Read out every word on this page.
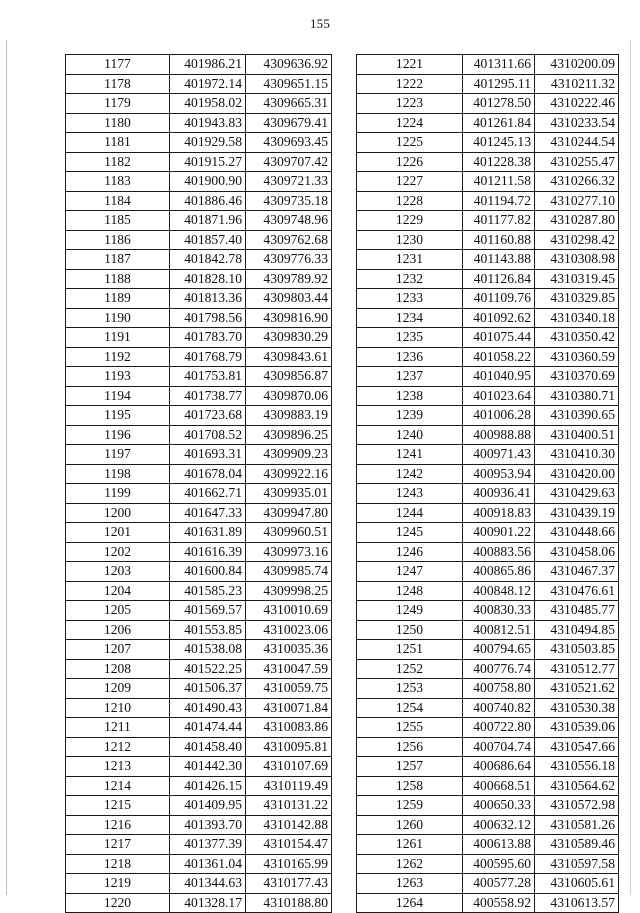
155
1177	401986.21	4309636.92
1178	401972.14	4309651.15
1179	401958.02	4309665.31
1180	401943.83	4309679.41
1181	401929.58	4309693.45
1182	401915.27	4309707.42
1183	401900.90	4309721.33
1184	401886.46	4309735.18
1185	401871.96	4309748.96
1186	401857.40	4309762.68
1187	401842.78	4309776.33
1188	401828.10	4309789.92
1189	401813.36	4309803.44
1190	401798.56	4309816.90
1191	401783.70	4309830.29
1192	401768.79	4309843.61
1193	401753.81	4309856.87
1194	401738.77	4309870.06
1195	401723.68	4309883.19
1196	401708.52	4309896.25
1197	401693.31	4309909.23
1198	401678.04	4309922.16
1199	401662.71	4309935.01
1200	401647.33	4309947.80
1201	401631.89	4309960.51
1202	401616.39	4309973.16
1203	401600.84	4309985.74
1204	401585.23	4309998.25
1205	401569.57	4310010.69
1206	401553.85	4310023.06
1207	401538.08	4310035.36
1208	401522.25	4310047.59
1209	401506.37	4310059.75
1210	401490.43	4310071.84
1211	401474.44	4310083.86
1212	401458.40	4310095.81
1213	401442.30	4310107.69
1214	401426.15	4310119.49
1215	401409.95	4310131.22
1216	401393.70	4310142.88
1217	401377.39	4310154.47
1218	401361.04	4310165.99
1219	401344.63	4310177.43
1220	401328.17	4310188.80
1221	401311.66	4310200.09
1222	401295.11	4310211.32
1223	401278.50	4310222.46
1224	401261.84	4310233.54
1225	401245.13	4310244.54
1226	401228.38	4310255.47
1227	401211.58	4310266.32
1228	401194.72	4310277.10
1229	401177.82	4310287.80
1230	401160.88	4310298.42
1231	401143.88	4310308.98
1232	401126.84	4310319.45
1233	401109.76	4310329.85
1234	401092.62	4310340.18
1235	401075.44	4310350.42
1236	401058.22	4310360.59
1237	401040.95	4310370.69
1238	401023.64	4310380.71
1239	401006.28	4310390.65
1240	400988.88	4310400.51
1241	400971.43	4310410.30
1242	400953.94	4310420.00
1243	400936.41	4310429.63
1244	400918.83	4310439.19
1245	400901.22	4310448.66
1246	400883.56	4310458.06
1247	400865.86	4310467.37
1248	400848.12	4310476.61
1249	400830.33	4310485.77
1250	400812.51	4310494.85
1251	400794.65	4310503.85
1252	400776.74	4310512.77
1253	400758.80	4310521.62
1254	400740.82	4310530.38
1255	400722.80	4310539.06
1256	400704.74	4310547.66
1257	400686.64	4310556.18
1258	400668.51	4310564.62
1259	400650.33	4310572.98
1260	400632.12	4310581.26
1261	400613.88	4310589.46
1262	400595.60	4310597.58
1263	400577.28	4310605.61
1264	400558.92	4310613.57
